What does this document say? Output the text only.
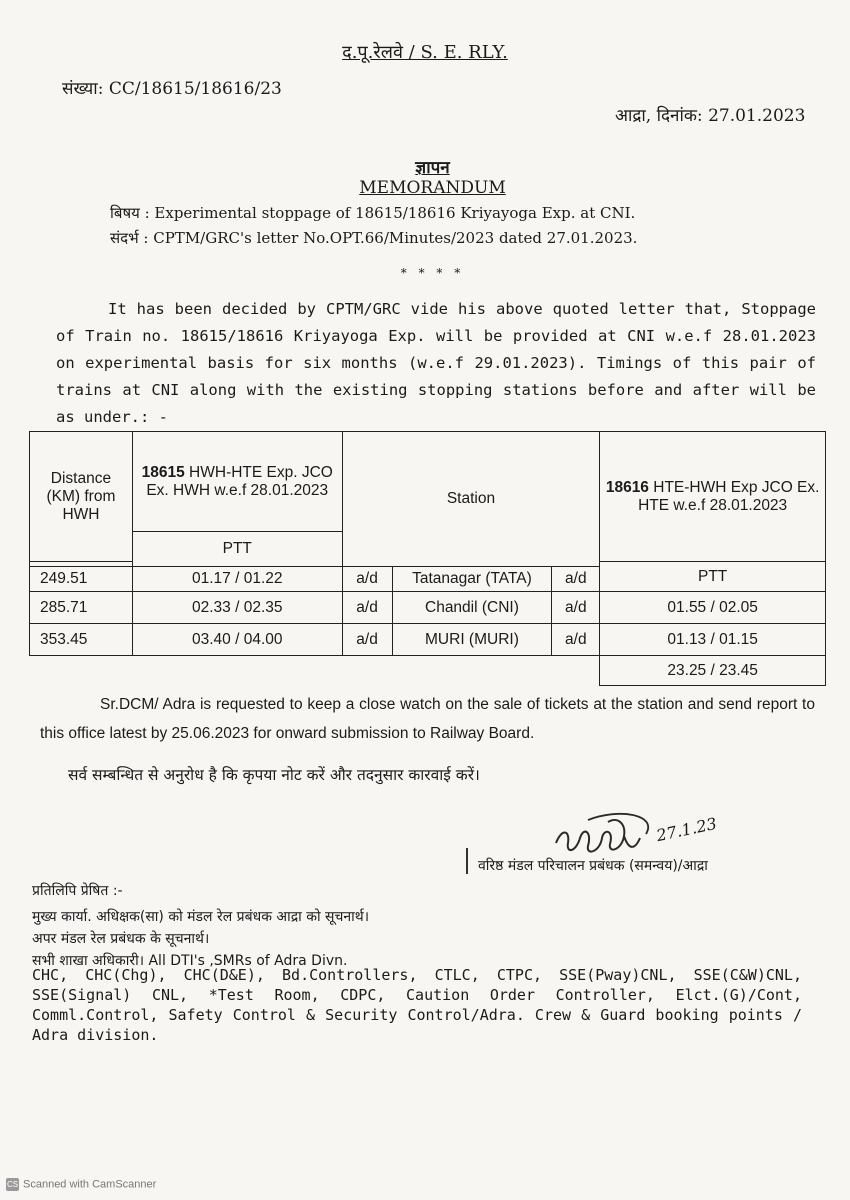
द.पू.रेलवे / S. E. RLY.
संख्या: CC/18615/18616/23
आद्रा, दिनांक: 27.01.2023
ज्ञापन
MEMORANDUM
बिषय : Experimental stoppage of 18615/18616 Kriyayoga Exp. at CNI.
संदर्भ : CPTM/GRC's letter No.OPT.66/Minutes/2023 dated 27.01.2023.
* * * *
It has been decided by CPTM/GRC vide his above quoted letter that, Stoppage of Train no. 18615/18616 Kriyayoga Exp. will be provided at CNI w.e.f 28.01.2023 on experimental basis for six months (w.e.f 29.01.2023). Timings of this pair of trains at CNI along with the existing stopping stations before and after will be as under.: -
Distance (KM) from HWH	18615 HWH-HTE Exp. JCO Ex. HWH w.e.f 28.01.2023	Station			18616 HTE-HWH Exp JCO Ex. HTE w.e.f 28.01.2023
	PTT				
					PTT
249.51	01.17 / 01.22	a/d	Tatanagar (TATA)	a/d	
285.71	02.33 / 02.35	a/d	Chandil (CNI)	a/d	01.55 / 02.05
353.45	03.40 / 04.00	a/d	MURI (MURI)	a/d	01.13 / 01.15
					23.25 / 23.45
Sr.DCM/ Adra is requested to keep a close watch on the sale of tickets at the station and send report to this office latest by 25.06.2023 for onward submission to Railway Board.
सर्व सम्बन्धित से अनुरोध है कि कृपया नोट करें और तदनुसार कारवाई करें।
27.1.23
वरिष्ठ मंडल परिचालन प्रबंधक (समन्वय)/आद्रा
प्रतिलिपि प्रेषित :-
मुख्य कार्या. अधिक्षक(सा) को मंडल रेल प्रबंधक आद्रा को सूचनार्थ।
अपर मंडल रेल प्रबंधक के सूचनार्थ।
सभी शाखा अधिकारी। All DTI's ,SMRs of Adra Divn.
CHC, CHC(Chg), CHC(D&E), Bd.Controllers, CTLC, CTPC, SSE(Pway)CNL, SSE(C&W)CNL, SSE(Signal) CNL, *Test Room, CDPC, Caution Order Controller, Elct.(G)/Cont, Comml.Control, Safety Control & Security Control/Adra. Crew & Guard booking points / Adra division.
CS Scanned with CamScanner
